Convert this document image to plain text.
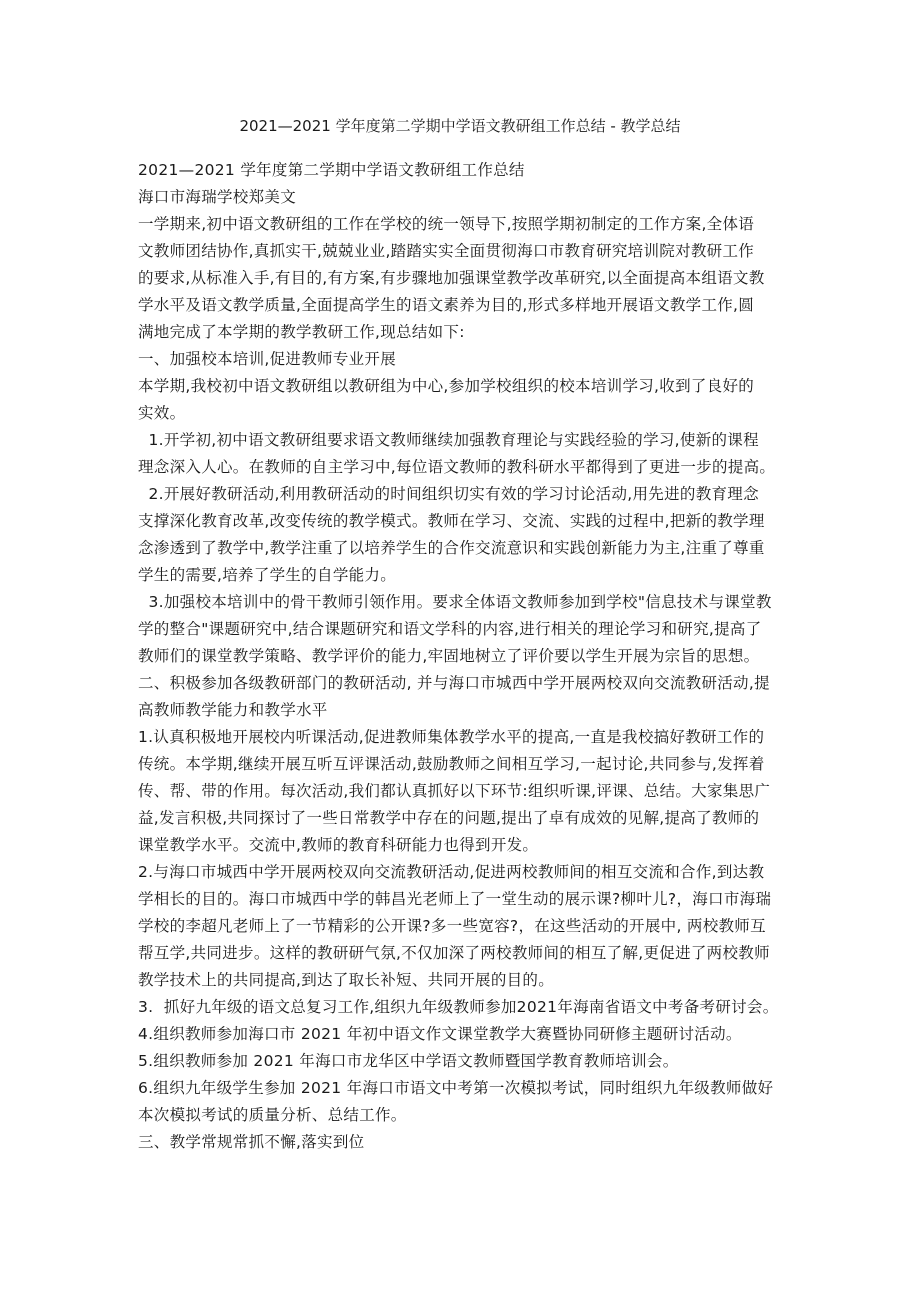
2021—2021 学年度第二学期中学语文教研组工作总结 - 教学总结
2021—2021 学年度第二学期中学语文教研组工作总结
海口市海瑞学校郑美文
一学期来,初中语文教研组的工作在学校的统一领导下,按照学期初制定的工作方案,全体语
文教师团结协作,真抓实干,兢兢业业,踏踏实实全面贯彻海口市教育研究培训院对教研工作
的要求,从标准入手,有目的,有方案,有步骤地加强课堂教学改革研究,以全面提高本组语文教
学水平及语文教学质量,全面提高学生的语文素养为目的,形式多样地开展语文教学工作,圆
满地完成了本学期的教学教研工作,现总结如下:
一、加强校本培训,促进教师专业开展
本学期,我校初中语文教研组以教研组为中心,参加学校组织的校本培训学习,收到了良好的
实效。
1.开学初,初中语文教研组要求语文教师继续加强教育理论与实践经验的学习,使新的课程
理念深入人心。在教师的自主学习中,每位语文教师的教科研水平都得到了更进一步的提高。
2.开展好教研活动,利用教研活动的时间组织切实有效的学习讨论活动,用先进的教育理念
支撑深化教育改革,改变传统的教学模式。教师在学习、交流、实践的过程中,把新的教学理
念渗透到了教学中,教学注重了以培养学生的合作交流意识和实践创新能力为主,注重了尊重
学生的需要,培养了学生的自学能力。
3.加强校本培训中的骨干教师引领作用。要求全体语文教师参加到学校"信息技术与课堂教
学的整合"课题研究中,结合课题研究和语文学科的内容,进行相关的理论学习和研究,提高了
教师们的课堂教学策略、教学评价的能力,牢固地树立了评价要以学生开展为宗旨的思想。
二、积极参加各级教研部门的教研活动, 并与海口市城西中学开展两校双向交流教研活动,提
高教师教学能力和教学水平
1.认真积极地开展校内听课活动,促进教师集体教学水平的提高,一直是我校搞好教研工作的
传统。本学期,继续开展互听互评课活动,鼓励教师之间相互学习,一起讨论,共同参与,发挥着
传、帮、带的作用。每次活动,我们都认真抓好以下环节:组织听课,评课、总结。大家集思广
益,发言积极,共同探讨了一些日常教学中存在的问题,提出了卓有成效的见解,提高了教师的
课堂教学水平。交流中,教师的教育科研能力也得到开发。
2.与海口市城西中学开展两校双向交流教研活动,促进两校教师间的相互交流和合作,到达教
学相长的目的。海口市城西中学的韩昌光老师上了一堂生动的展示课?柳叶儿?，海口市海瑞
学校的李超凡老师上了一节精彩的公开课?多一些宽容?，在这些活动的开展中, 两校教师互
帮互学,共同进步。这样的教研研气氛,不仅加深了两校教师间的相互了解,更促进了两校教师
教学技术上的共同提高,到达了取长补短、共同开展的目的。
3.  抓好九年级的语文总复习工作,组织九年级教师参加2021年海南省语文中考备考研讨会。
4.组织教师参加海口市 2021 年初中语文作文课堂教学大赛暨协同研修主题研讨活动。
5.组织教师参加 2021 年海口市龙华区中学语文教师暨国学教育教师培训会。
6.组织九年级学生参加 2021 年海口市语文中考第一次模拟考试，同时组织九年级教师做好
本次模拟考试的质量分析、总结工作。
三、教学常规常抓不懈,落实到位
